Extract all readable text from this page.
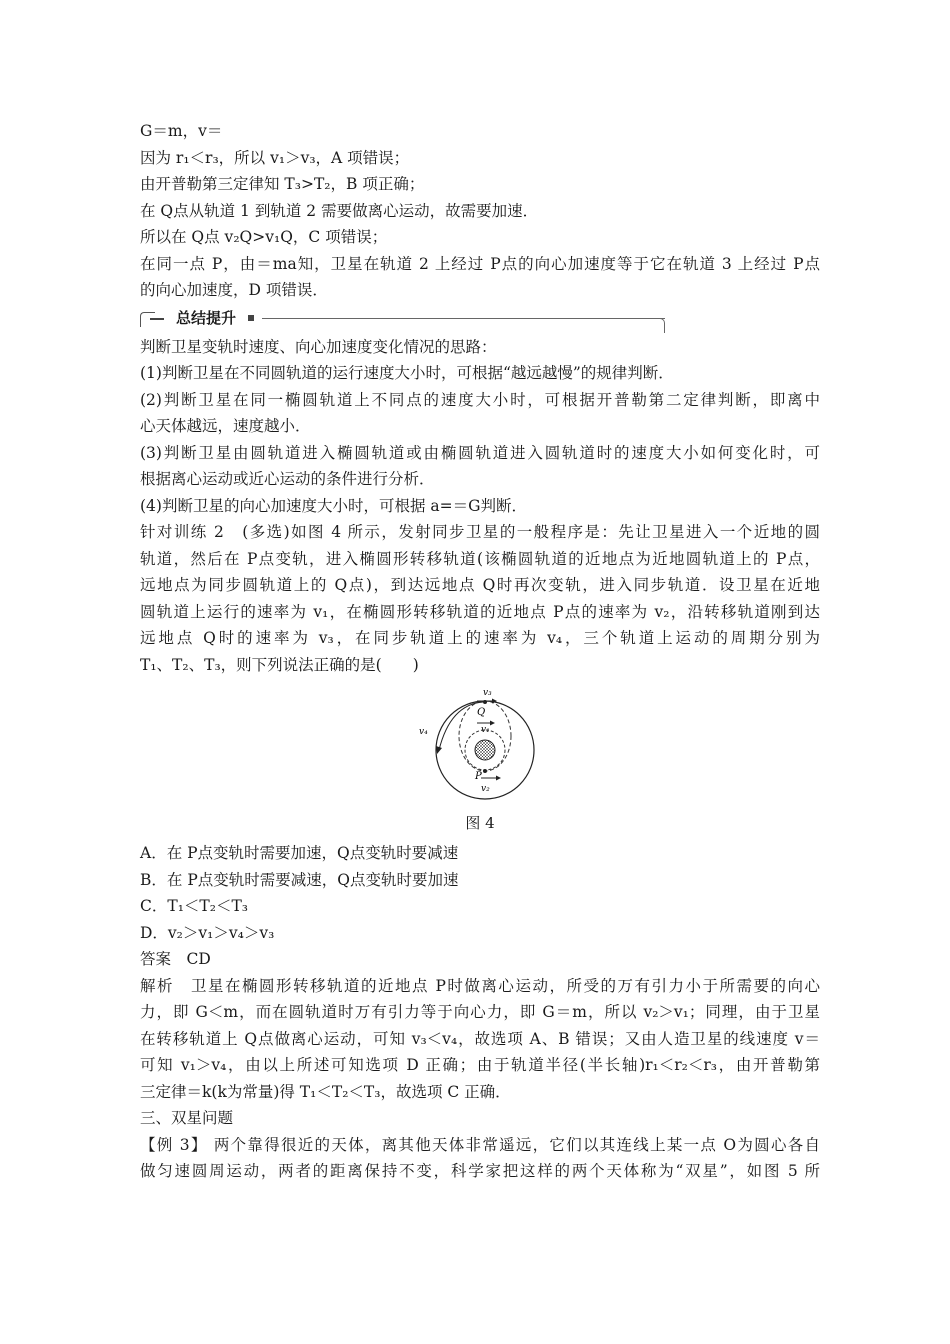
G＝m，v＝
因为 r₁＜r₃，所以 v₁＞v₃，A 项错误；
由开普勒第三定律知 T₃>T₂，B 项正确；
在 Q点从轨道 1 到轨道 2 需要做离心运动，故需要加速．
所以在 Q点 v₂Q>v₁Q，C 项错误；
在同一点 P，由＝ma知，卫星在轨道 2 上经过 P点的向心加速度等于它在轨道 3 上经过 P点
的向心加速度，D 项错误．
总结提升
判断卫星变轨时速度、向心加速度变化情况的思路：
(1)判断卫星在不同圆轨道的运行速度大小时，可根据“越远越慢”的规律判断．
(2)判断卫星在同一椭圆轨道上不同点的速度大小时，可根据开普勒第二定律判断，即离中
心天体越远，速度越小．
(3)判断卫星由圆轨道进入椭圆轨道或由椭圆轨道进入圆轨道时的速度大小如何变化时，可
根据离心运动或近心运动的条件进行分析．
(4)判断卫星的向心加速度大小时，可根据 a=＝G判断．
针对训练 2　(多选)如图 4 所示，发射同步卫星的一般程序是：先让卫星进入一个近地的圆
轨道，然后在 P点变轨，进入椭圆形转移轨道(该椭圆轨道的近地点为近地圆轨道上的 P点，
远地点为同步圆轨道上的 Q点)，到达远地点 Q时再次变轨，进入同步轨道．设卫星在近地
圆轨道上运行的速率为 v₁，在椭圆形转移轨道的近地点 P点的速率为 v₂，沿转移轨道刚到达
远地点 Q时的速率为 v₃，在同步轨道上的速率为 v₄，三个轨道上运动的周期分别为
T₁、T₂、T₃，则下列说法正确的是(　　)
v₃
Q
v₁
v₄
P
v₂
图 4
A．在 P点变轨时需要加速，Q点变轨时要减速
B．在 P点变轨时需要减速，Q点变轨时要加速
C．T₁＜T₂＜T₃
D．v₂＞v₁＞v₄＞v₃
答案　CD
解析　卫星在椭圆形转移轨道的近地点 P时做离心运动，所受的万有引力小于所需要的向心
力，即 G＜m，而在圆轨道时万有引力等于向心力，即 G＝m，所以 v₂＞v₁；同理，由于卫星
在转移轨道上 Q点做离心运动，可知 v₃＜v₄，故选项 A、B 错误；又由人造卫星的线速度 v＝
可知 v₁＞v₄，由以上所述可知选项 D 正确；由于轨道半径(半长轴)r₁＜r₂＜r₃，由开普勒第
三定律＝k(k为常量)得 T₁＜T₂＜T₃，故选项 C 正确．
三、双星问题
【例 3】 两个靠得很近的天体，离其他天体非常遥远，它们以其连线上某一点 O为圆心各自
做匀速圆周运动，两者的距离保持不变，科学家把这样的两个天体称为“双星”，如图 5 所
